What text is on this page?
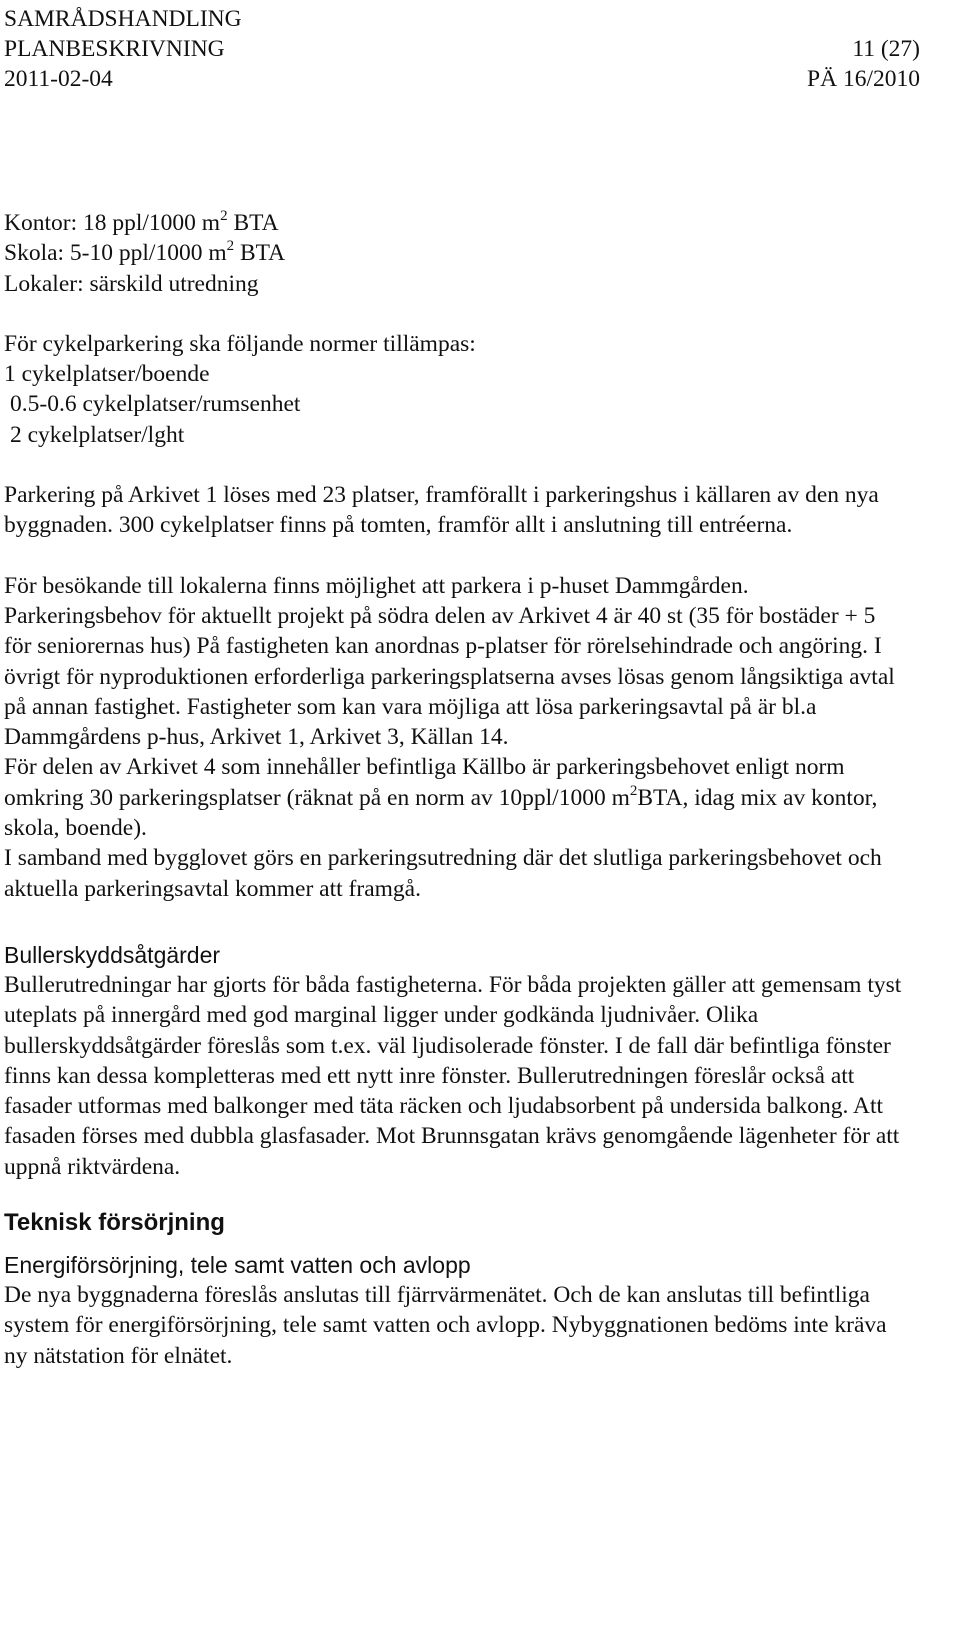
SAMRÅDSHANDLING
PLANBESKRIVNING	11 (27)
2011-02-04	PÄ 16/2010

Kontor: 18 ppl/1000 $m^2$ BTA

Skola: 5-10 ppl/1000 $m^2$ BTA

Lokaler: särskild utredning

För cykelparkering ska följande normer tillämpas:

1 cykelplatser/boende

0.5-0.6 cykelplatser/rumsenhet

2 cykelplatser/lght

Parkering på Arkivet 1 löses med 23 platser, framförallt i parkeringshus i källaren av den nya byggnaden. 300 cykelplatser finns på tomten, framför allt i anslutning till entréerna.

För besökande till lokalerna finns möjlighet att parkera i p-huset Dammgården.

Parkeringsbehov för aktuellt projekt på södra delen av Arkivet 4 är 40 st (35 för bostäder + 5 för seniorernas hus) På fastigheten kan anordnas p-platser för rörelsehindrade och angöring. I övrigt för nyproduktionen erforderliga parkeringsplatserna avses lösas genom långsiktiga avtal på annan fastighet. Fastigheter som kan vara möjliga att lösa parkeringsavtal på är bl.a Dammgårdens p-hus, Arkivet 1, Arkivet 3, Källan 14.

För delen av Arkivet 4 som innehåller befintliga Källbo är parkeringsbehovet enligt norm omkring 30 parkeringsplatser (räknat på en norm av 10ppl/1000 $m^2BTA$, idag mix av kontor, skola, boende).

I samband med bygglovet görs en parkeringsutredning där det slutliga parkeringsbehovet och aktuella parkeringsavtal kommer att framgå.

Bullerskyddsåtgärder

Bullerutredningar har gjorts för båda fastigheterna. För båda projekten gäller att gemensam tyst uteplats på innergård med god marginal ligger under godkända ljudnivåer. Olika bullerskyddsåtgärder föreslås som t.ex. väl ljudisolerade fönster. I de fall där befintliga fönster finns kan dessa kompletteras med ett nytt inre fönster. Bullerutredningen föreslår också att fasader utformas med balkonger med täta räcken och ljudabsorbent på undersida balkong. Att fasaden förses med dubbla glasfasader. Mot Brunnsgatan krävs genomgående lägenheter för att uppnå riktvärdena.

Teknisk försörjning

Energiförsörjning, tele samt vatten och avlopp

De nya byggnaderna föreslås anslutas till fjärrvärmenätet. Och de kan anslutas till befintliga system för energiförsörjning, tele samt vatten och avlopp. Nybyggnationen bedöms inte kräva ny nätstation för elnätet.
